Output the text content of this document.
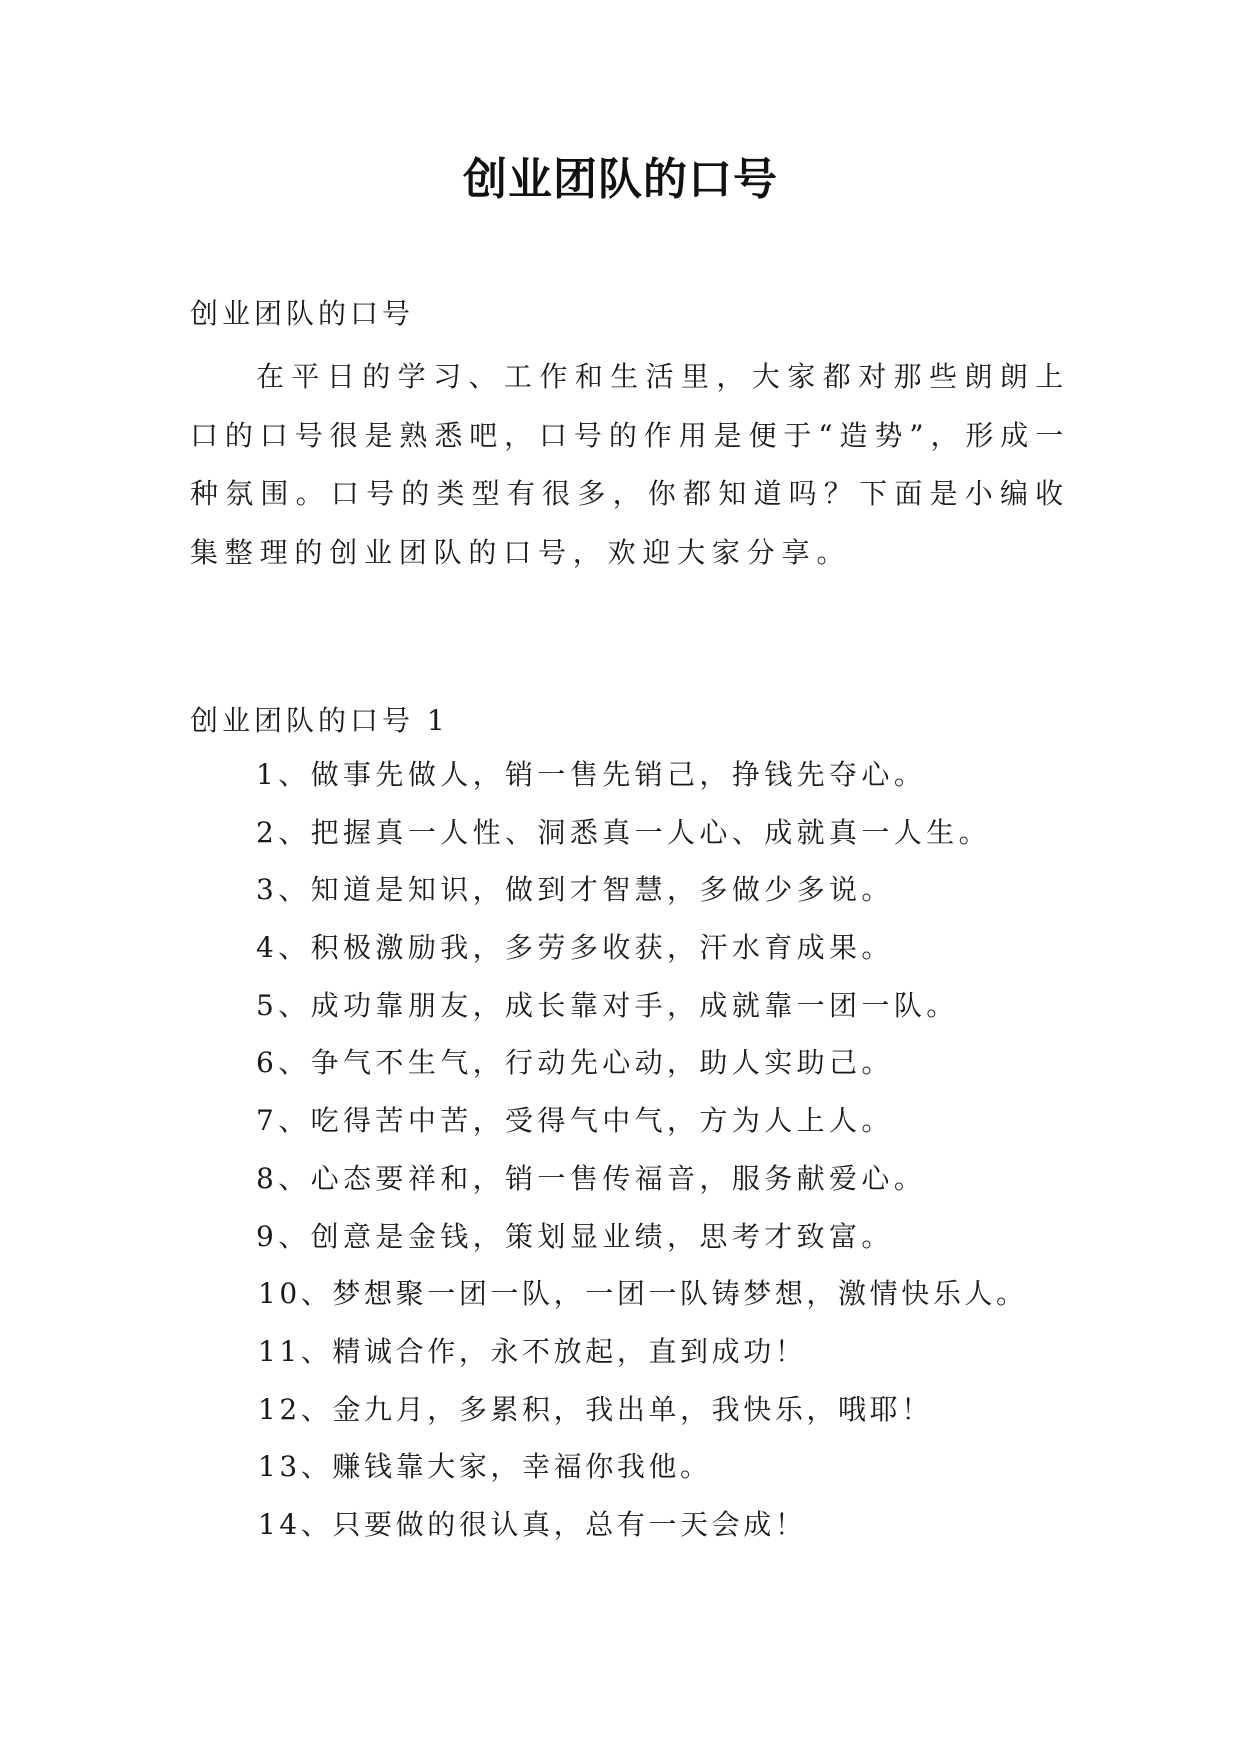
创业团队的口号
创业团队的口号

在平日的学习、工作和生活里，大家都对那些朗朗上口的口号很是熟悉吧，口号的作用是便于“造势”，形成一种氛围。口号的类型有很多，你都知道吗？下面是小编收集整理的创业团队的口号，欢迎大家分享。

创业团队的口号 1
1、做事先做人，销一售先销己，挣钱先夺心。
2、把握真一人性、洞悉真一人心、成就真一人生。
3、知道是知识，做到才智慧，多做少多说。
4、积极激励我，多劳多收获，汗水育成果。
5、成功靠朋友，成长靠对手，成就靠一团一队。
6、争气不生气，行动先心动，助人实助己。
7、吃得苦中苦，受得气中气，方为人上人。
8、心态要祥和，销一售传福音，服务献爱心。
9、创意是金钱，策划显业绩，思考才致富。
10、梦想聚一团一队，一团一队铸梦想，激情快乐人。
11、精诚合作，永不放起，直到成功！
12、金九月，多累积，我出单，我快乐，哦耶！
13、赚钱靠大家，幸福你我他。
14、只要做的很认真，总有一天会成！
